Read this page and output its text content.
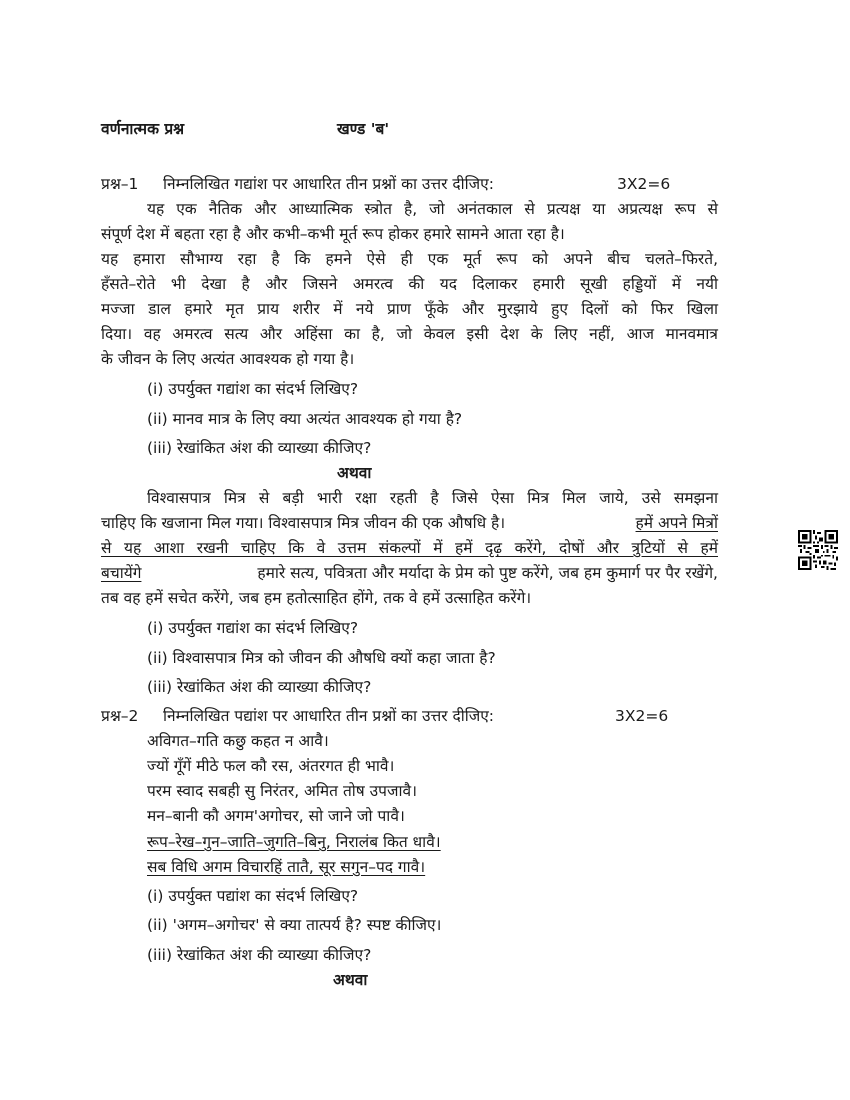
वर्णनात्मक प्रश्न	खण्ड 'ब'
प्रश्न–1 निम्नलिखित गद्यांश पर आधारित तीन प्रश्नों का उत्तर दीजिए:	3X2=6
यह एक नैतिक और आध्यात्मिक स्त्रोत है, जो अनंतकाल से प्रत्यक्ष या अप्रत्यक्ष रूप से
संपूर्ण देश में बहता रहा है और कभी–कभी मूर्त रूप होकर हमारे सामने आता रहा है।
यह हमारा सौभाग्य रहा है कि हमने ऐसे ही एक मूर्त रूप को अपने बीच चलते–फिरते,
हँसते–रोते भी देखा है और जिसने अमरत्व की यद दिलाकर हमारी सूखी हड्डियों में नयी
मज्जा डाल हमारे मृत प्राय शरीर में नये प्राण फूँके और मुरझाये हुए दिलों को फिर खिला
दिया। वह अमरत्व सत्य और अहिंसा का है, जो केवल इसी देश के लिए नहीं, आज मानवमात्र
के जीवन के लिए अत्यंत आवश्यक हो गया है।
(i) उपर्युक्त गद्यांश का संदर्भ लिखिए?
(ii) मानव मात्र के लिए क्या अत्यंत आवश्यक हो गया है?
(iii) रेखांकित अंश की व्याख्या कीजिए?
अथवा
विश्वासपात्र मित्र से बड़ी भारी रक्षा रहती है जिसे ऐसा मित्र मिल जाये, उसे समझना
चाहिए कि खजाना मिल गया। विश्वासपात्र मित्र जीवन की एक औषधि है।	हमें अपने मित्रों
से यह आशा रखनी चाहिए कि वे उत्तम संकल्पों में हमें दृढ़ करेंगे, दोषों और त्रुटियों से हमें
बचायेंगे	हमारे सत्य, पवित्रता और मर्यादा के प्रेम को पुष्ट करेंगे, जब हम कुमार्ग पर पैर रखेंगे,
तब वह हमें सचेत करेंगे, जब हम हतोत्साहित होंगे, तक वे हमें उत्साहित करेंगे।
(i) उपर्युक्त गद्यांश का संदर्भ लिखिए?
(ii) विश्वासपात्र मित्र को जीवन की औषधि क्यों कहा जाता है?
(iii) रेखांकित अंश की व्याख्या कीजिए?
प्रश्न–2 निम्नलिखित पद्यांश पर आधारित तीन प्रश्नों का उत्तर दीजिए:	3X2=6
अविगत–गति कछु कहत न आवै।
ज्यों गूँगें मीठे फल कौ रस, अंतरगत ही भावै।
परम स्वाद सबही सु निरंतर, अमित तोष उपजावै।
मन–बानी कौ अगम'अगोचर, सो जाने जो पावै।
रूप–रेख–गुन–जाति–जुगति–बिनु, निरालंब कित धावै।
सब विधि अगम विचारहिं तातै, सूर सगुन–पद गावै।
(i) उपर्युक्त पद्यांश का संदर्भ लिखिए?
(ii) 'अगम–अगोचर' से क्या तात्पर्य है? स्पष्ट कीजिए।
(iii) रेखांकित अंश की व्याख्या कीजिए?
अथवा
